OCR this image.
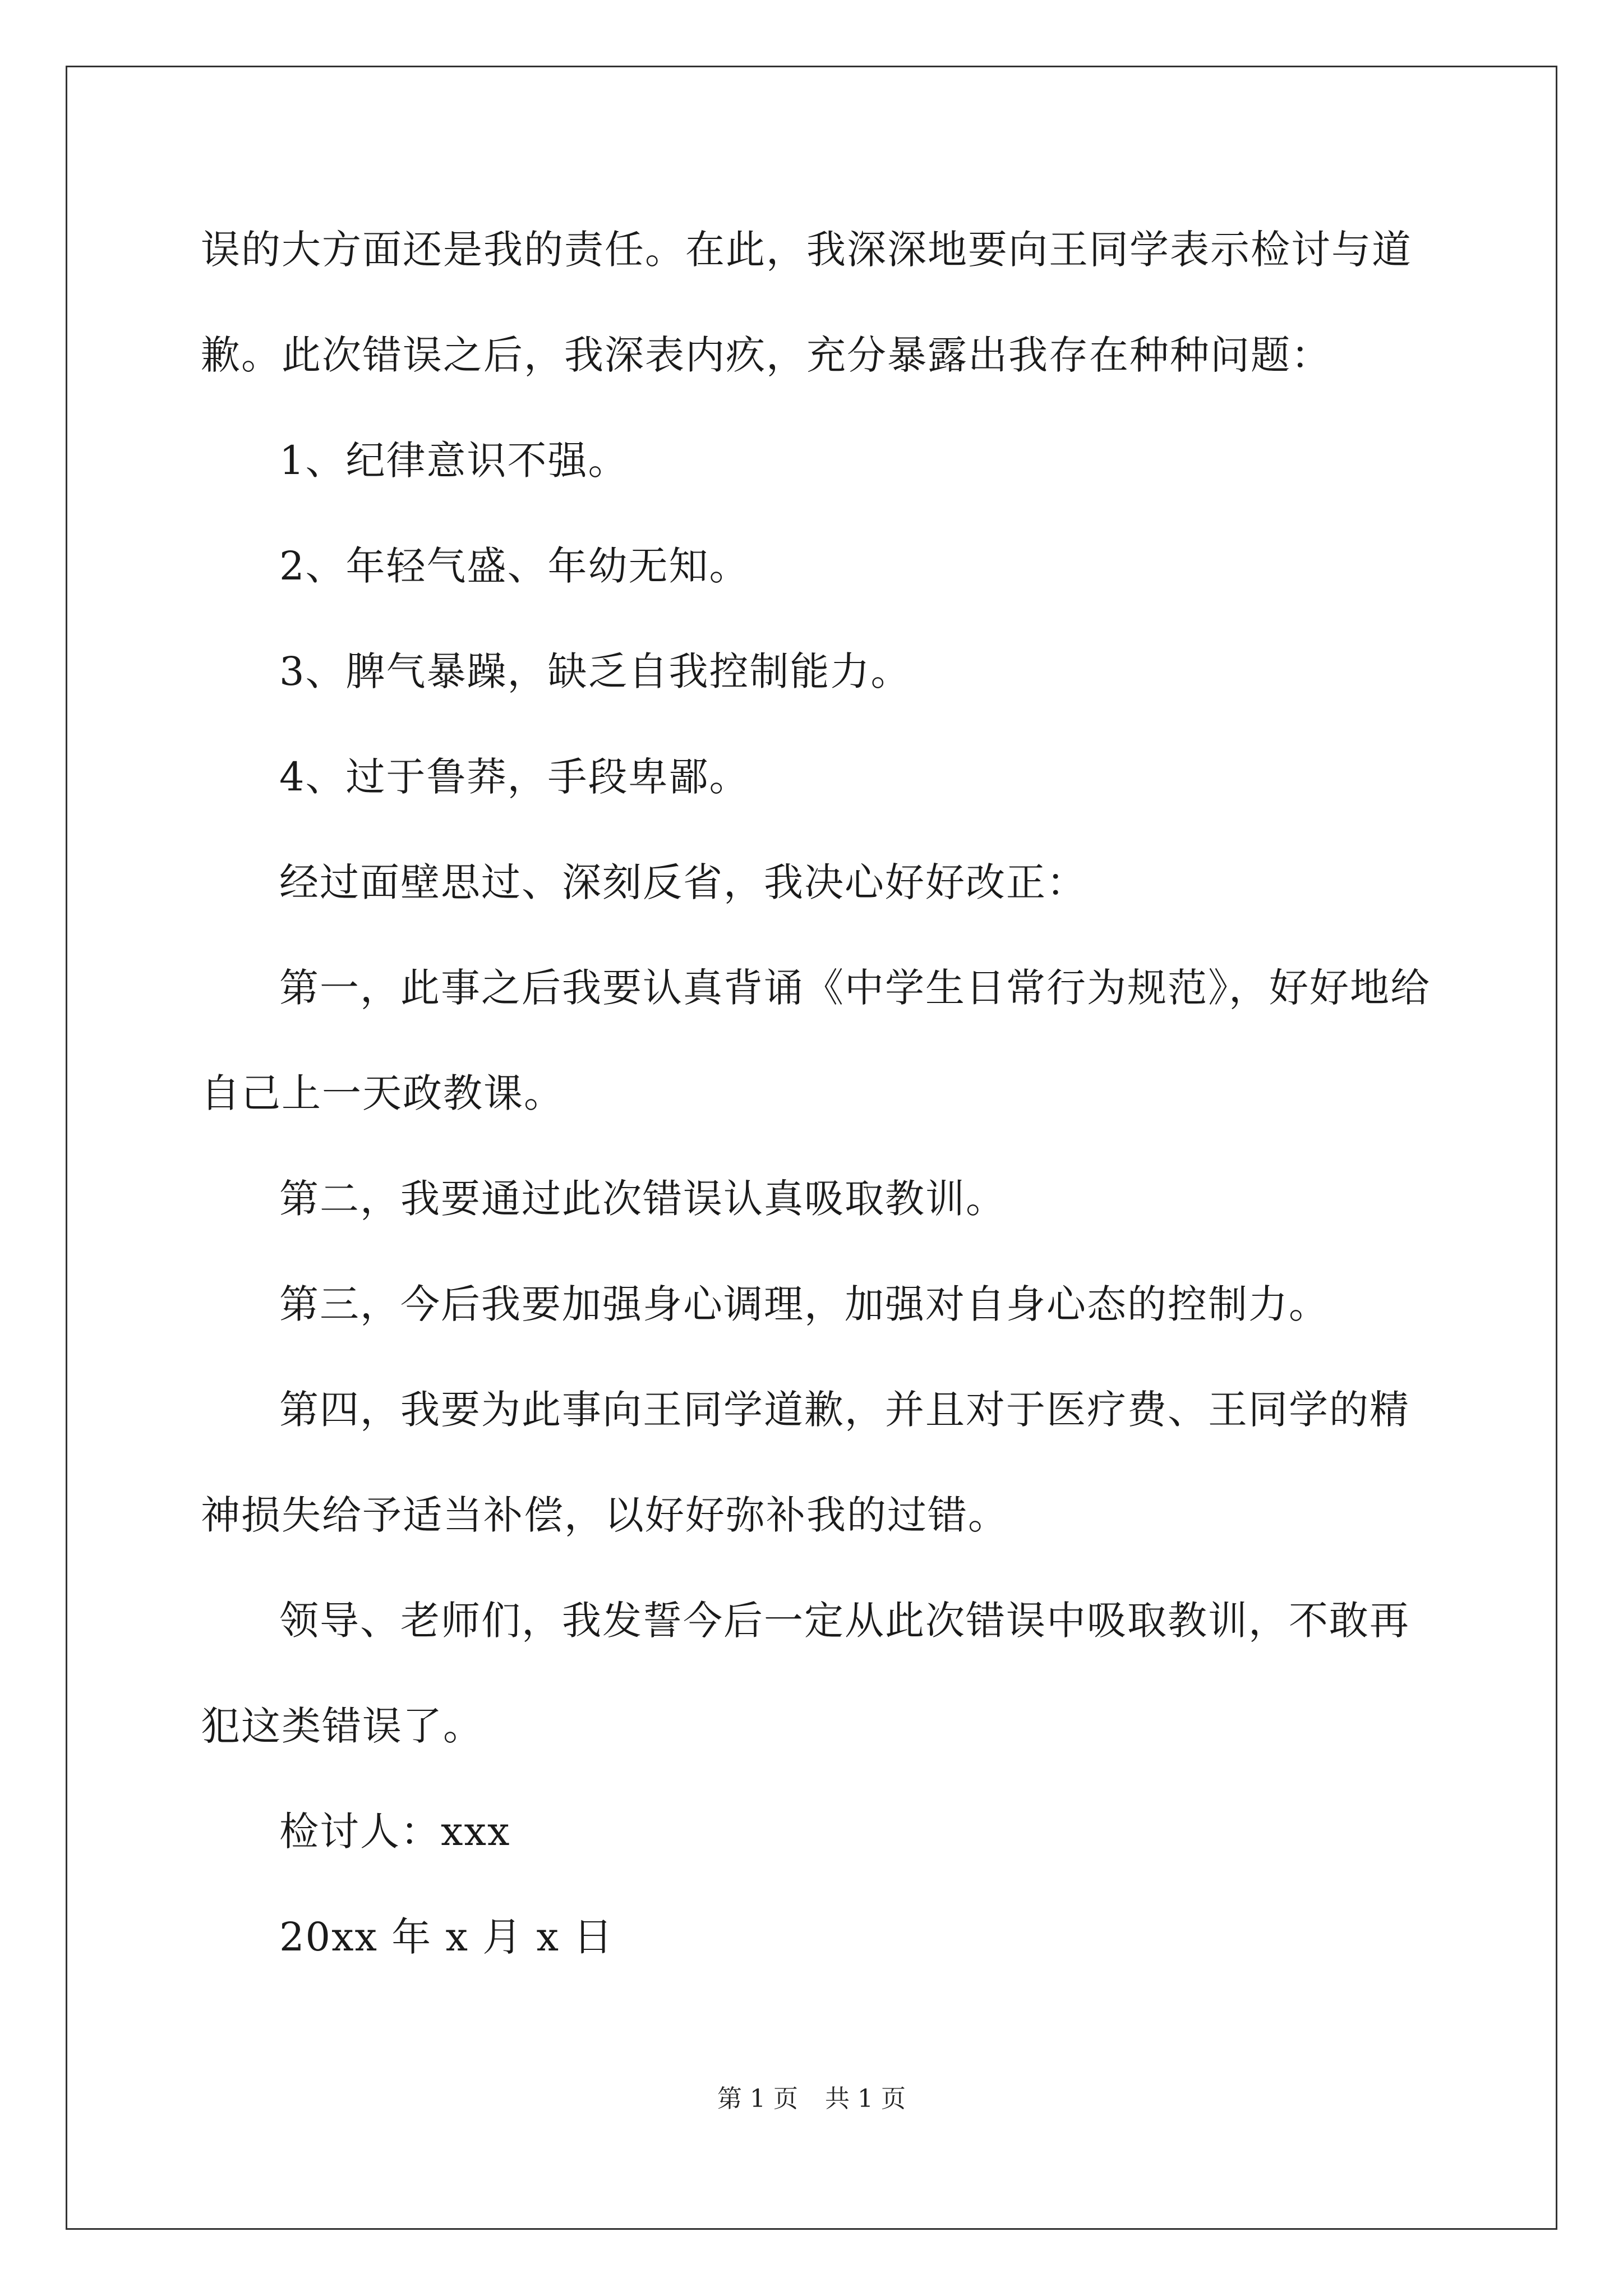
误的大方面还是我的责任。在此，我深深地要向王同学表示检讨与道
歉。此次错误之后，我深表内疚，充分暴露出我存在种种问题：
1、纪律意识不强。
2、年轻气盛、年幼无知。
3、脾气暴躁，缺乏自我控制能力。
4、过于鲁莽，手段卑鄙。
经过面壁思过、深刻反省，我决心好好改正：
第一，此事之后我要认真背诵《中学生日常行为规范》，好好地给
自己上一天政教课。
第二，我要通过此次错误认真吸取教训。
第三，今后我要加强身心调理，加强对自身心态的控制力。
第四，我要为此事向王同学道歉，并且对于医疗费、王同学的精
神损失给予适当补偿，以好好弥补我的过错。
领导、老师们，我发誓今后一定从此次错误中吸取教训，不敢再
犯这类错误了。
检讨人：xxx
20xx 年 x 月 x 日
第 1 页 共 1 页
